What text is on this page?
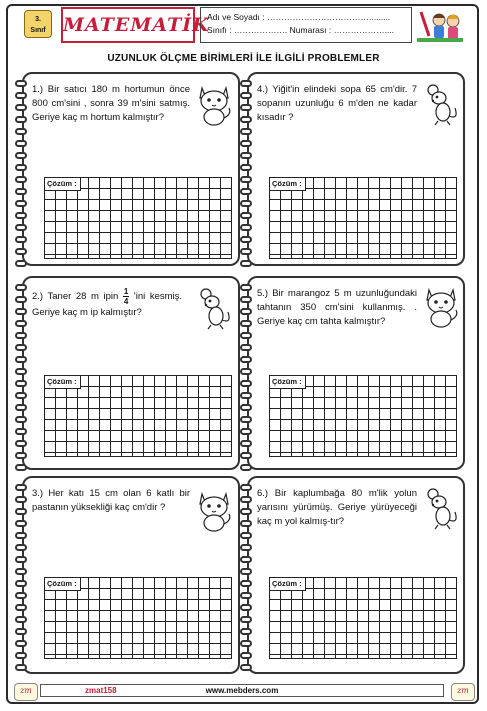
3.
Sınıf MATEMATİK
Adı ve Soyadı : ……………………………….........
Sınıfı : ………………. Numarası : ………………....
UZUNLUK ÖLÇME BİRİMLERİ İLE İLGİLİ PROBLEMLER
1.) Bir satıcı 180 m hortumun önce 800 cm'sini , sonra 39 m'sini satmış. Geriye kaç m hortum kalmıştır?
Çözüm :
4.) Yiğit'in elindeki sopa 65 cm'dir. 7 sopanın uzunluğu 6 m'den ne kadar kısadır ?
Çözüm :
2.) Taner 28 m ipin $\frac{1}{4}$ 'ini kesmiş. Geriye kaç m ip kalmıştır?
Çözüm :
5.) Bir marangoz 5 m uzunluğundaki tahtanın 350 cm'sini kullanmış. . Geriye kaç cm tahta kalmıştır?
Çözüm :
3.) Her katı 15 cm olan 6 katlı bir pastanın yüksekliği kaç cm'dir ?
Çözüm :
6.) Bir kaplumbağa 80 m'lik yolun yarısını yürümüş. Geriye yürüyeceği kaç m yol kalmış-tır?
Çözüm :
zm	zmat158	www.mebders.com	zm
